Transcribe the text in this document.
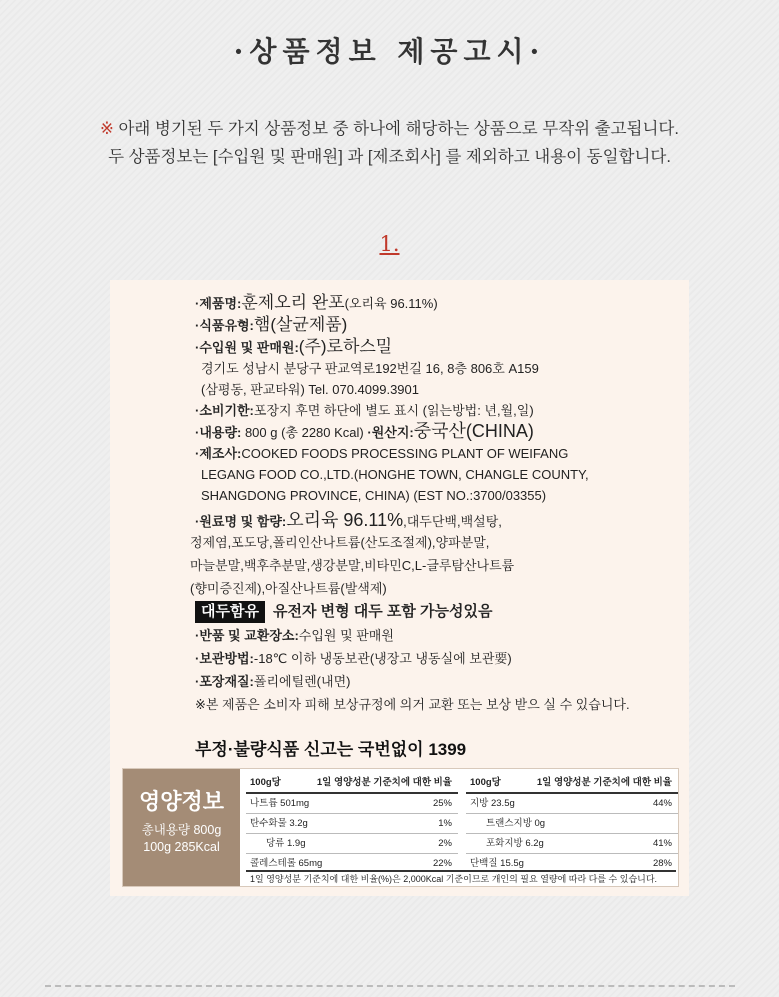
·상품정보 제공고시·
※ 아래 병기된 두 가지 상품정보 중 하나에 해당하는 상품으로 무작위 출고됩니다.
두 상품정보는 [수입원 및 판매원] 과 [제조회사] 를 제외하고 내용이 동일합니다.
1.
·제품명:훈제오리 완포(오리육 96.11%)
·식품유형:햄(살균제품)
·수입원 및 판매원:(주)로하스밀
경기도 성남시 분당구 판교역로192번길 16, 8층 806호 A159
(삼평동, 판교타워) Tel. 070.4099.3901
·소비기한:포장지 후면 하단에 별도 표시 (읽는방법: 년,월,일)
·내용량: 800 g (총 2280 Kcal) ·원산지:중국산(CHINA)
·제조사:COOKED FOODS PROCESSING PLANT OF WEIFANG
LEGANG FOOD CO.,LTD.(HONGHE TOWN, CHANGLE COUNTY,
SHANGDONG PROVINCE, CHINA) (EST NO.:3700/03355)
·원료명 및 함량:오리육 96.11%,대두단백,백설탕,
정제염,포도당,폴리인산나트륨(산도조절제),양파분말,
마늘분말,백후추분말,생강분말,비타민C,L-글루탐산나트륨
(향미증진제),아질산나트륨(발색제)
대두함유 유전자 변형 대두 포함 가능성있음
·반품 및 교환장소:수입원 및 판매원
·보관방법:-18℃ 이하 냉동보관(냉장고 냉동실에 보관要)
·포장재질:폴리에틸렌(내면)
※본 제품은 소비자 피해 보상규정에 의거 교환 또는 보상 받으 실 수 있습니다.
부정·불량식품 신고는 국번없이 1399
영양정보
총내용량 800g
100g 285Kcal
100g당	1일 영양성분 기준치에 대한 비율
나트륨 501mg	25%
탄수화물 3.2g	1%
당류 1.9g	2%
콜레스테롤 65mg	22%
100g당	1일 영양성분 기준치에 대한 비율
지방 23.5g	44%
트랜스지방 0g
포화지방 6.2g	41%
단백질 15.5g	28%
1일 영양성분 기준치에 대한 비율(%)은 2,000Kcal 기준이므로 개인의 필요 열량에 따라 다를 수 있습니다.
